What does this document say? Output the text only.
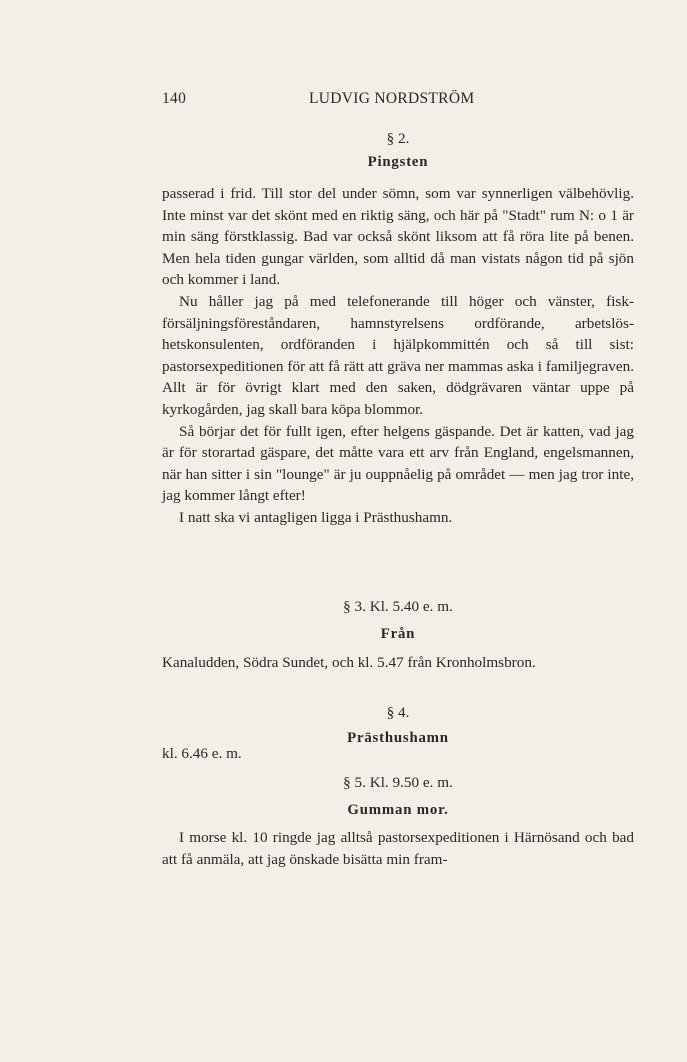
140	LUDVIG NORDSTRÖM

§ 2.

Pingsten

passerad i frid. Till stor del under sömn, som var synnerligen välbehövlig. Inte minst var det skönt med en riktig säng, och här på "Stadt" rum N: o 1 är min säng förstklassig. Bad var också skönt liksom att få röra lite på benen. Men hela tiden gungar världen, som alltid då man vistats någon tid på sjön och kommer i land.

Nu håller jag på med telefonerande till höger och vänster, fiskförsäljningsföreståndaren, hamnstyrelsens ordförande, arbetslöshetskonsulenten, ordföranden i hjälpkommittén och så till sist: pastorsexpeditionen för att få rätt att gräva ner mammas aska i familjegraven. Allt är för övrigt klart med den saken, dödgrävaren väntar uppe på kyrkogården, jag skall bara köpa blommor.

Så börjar det för fullt igen, efter helgens gäspande. Det är katten, vad jag är för storartad gäspare, det måtte vara ett arv från England, engelsmannen, när han sitter i sin "lounge" är ju ouppnåelig på området — men jag tror inte, jag kommer långt efter!

I natt ska vi antagligen ligga i Prästhushamn.

§ 3. Kl. 5.40 e. m.

Från

Kanaludden, Södra Sundet, och kl. 5.47 från Kronholmsbron.

§ 4.

Prästhushamn

kl. 6.46 e. m.

§ 5. Kl. 9.50 e. m.

Gumman mor.

I morse kl. 10 ringde jag alltså pastorsexpeditionen i Härnösand och bad att få anmäla, att jag önskade bisätta min fram-
